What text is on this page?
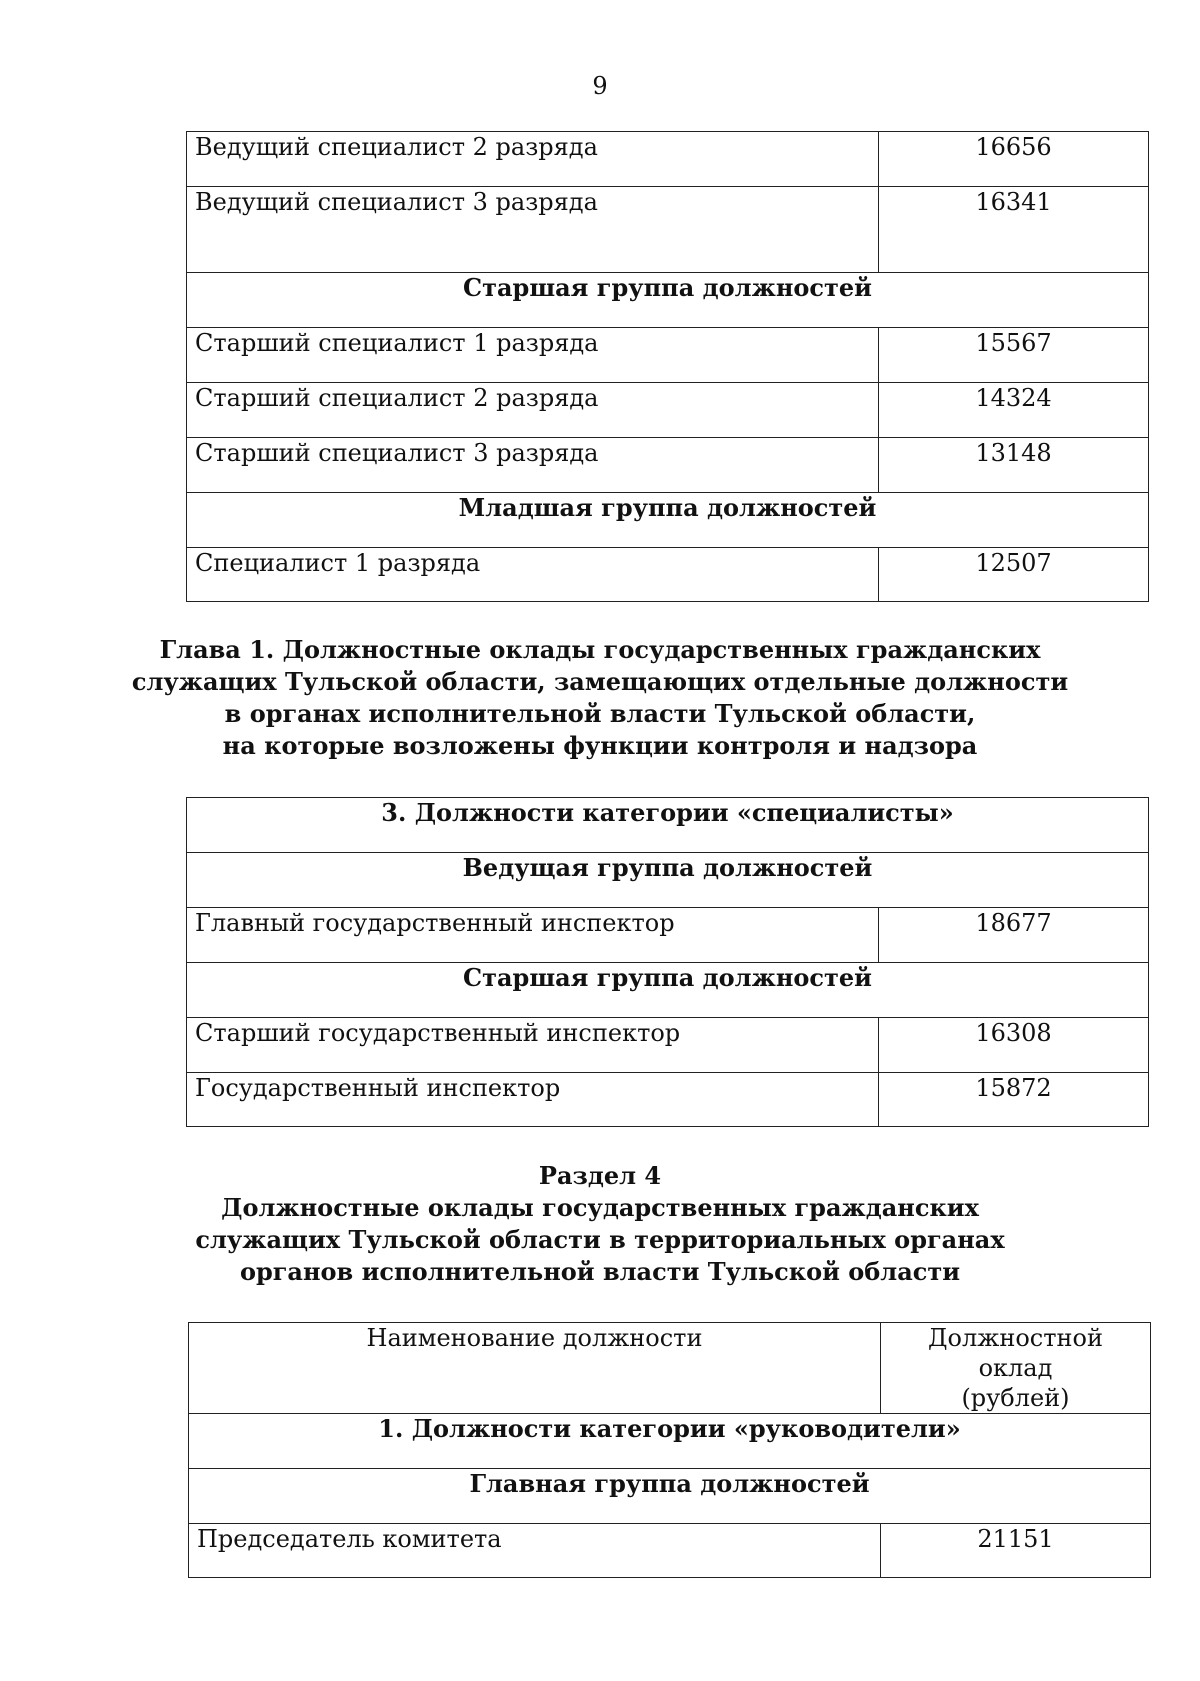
9
Ведущий специалист 2 разряда	16656
Ведущий специалист 3 разряда	16341
Старшая группа должностей	
Старший специалист 1 разряда	15567
Старший специалист 2 разряда	14324
Старший специалист 3 разряда	13148
Младшая группа должностей	
Специалист 1 разряда	12507
Глава 1. Должностные оклады государственных гражданских
служащих Тульской области, замещающих отдельные должности
в органах исполнительной власти Тульской области,
на которые возложены функции контроля и надзора
3. Должности категории «специалисты»	
Ведущая группа должностей	
Главный государственный инспектор	18677
Старшая группа должностей	
Старший государственный инспектор	16308
Государственный инспектор	15872
Раздел 4
Должностные оклады государственных гражданских
служащих Тульской области в территориальных органах
органов исполнительной власти Тульской области
Наименование должности	Должностной оклад
(рублей)

1. Должности категории «руководители»	
Главная группа должностей	
Председатель комитета	21151
